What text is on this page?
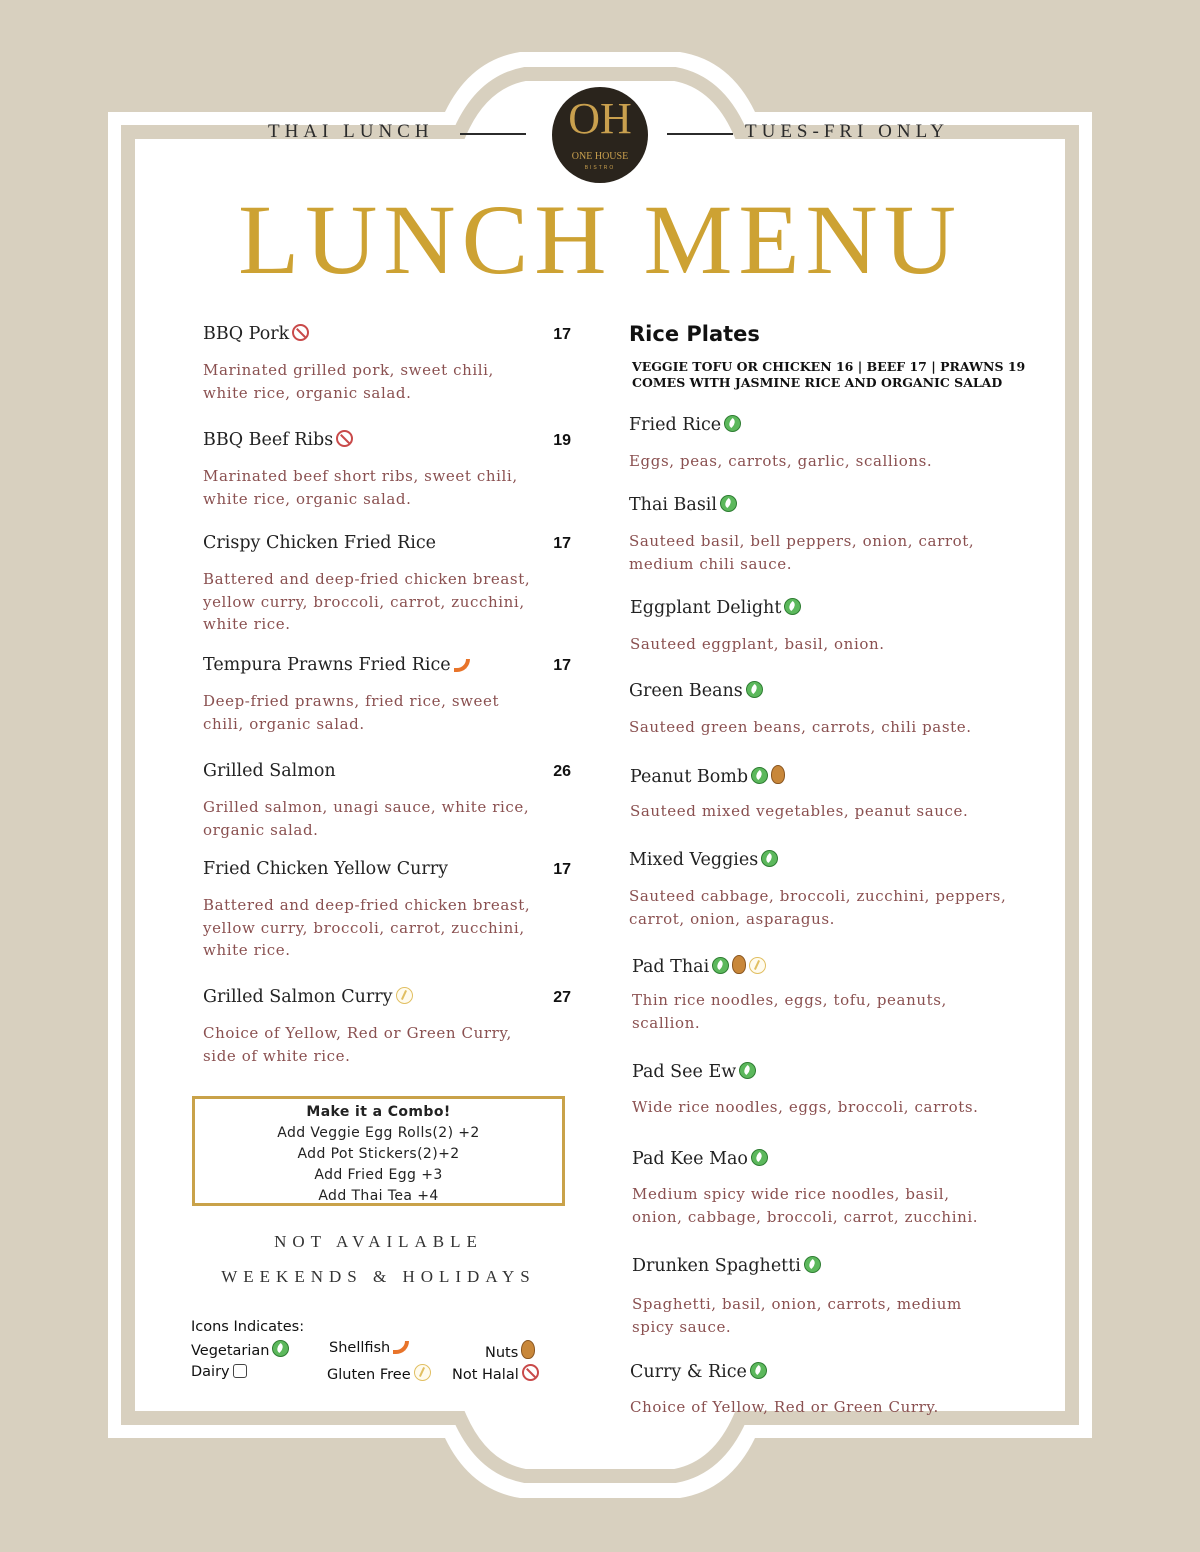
THAI LUNCH	OH
ONE HOUSE
BISTRO
TUES-FRI ONLY
LUNCH MENU
BBQ Pork	17
Marinated grilled pork, sweet chili,
white rice, organic salad.
BBQ Beef Ribs	19
Marinated beef short ribs, sweet chili,
white rice, organic salad.
Crispy Chicken Fried Rice	17
Battered and deep-fried chicken breast,
yellow curry, broccoli, carrot, zucchini,
white rice.
Tempura Prawns Fried Rice	17
Deep-fried prawns, fried rice, sweet
chili, organic salad.
Grilled Salmon	26
Grilled salmon, unagi sauce, white rice,
organic salad.
Fried Chicken Yellow Curry	17
Battered and deep-fried chicken breast,
yellow curry, broccoli, carrot, zucchini,
white rice.
Grilled Salmon Curry	27
Choice of Yellow, Red or Green Curry,
side of white rice.
Make it a Combo!
Add Veggie Egg Rolls(2) +2
Add Pot Stickers(2)+2
Add Fried Egg +3
Add Thai Tea +4
NOT AVAILABLE
WEEKENDS & HOLIDAYS
Icons Indicates:
Vegetarian	Shellfish	Nuts
Dairy	Gluten Free	Not Halal
Rice Plates
VEGGIE TOFU OR CHICKEN 16 | BEEF 17 | PRAWNS 19
COMES WITH JASMINE RICE AND ORGANIC SALAD
Fried Rice
Eggs, peas, carrots, garlic, scallions.
Thai Basil
Sauteed basil, bell peppers, onion, carrot,
medium chili sauce.
Eggplant Delight
Sauteed eggplant, basil, onion.
Green Beans
Sauteed green beans, carrots, chili paste.
Peanut Bomb
Sauteed mixed vegetables, peanut sauce.
Mixed Veggies
Sauteed cabbage, broccoli, zucchini, peppers,
carrot, onion, asparagus.
Pad Thai
Thin rice noodles, eggs, tofu, peanuts,
scallion.
Pad See Ew
Wide rice noodles, eggs, broccoli, carrots.
Pad Kee Mao
Medium spicy wide rice noodles, basil,
onion, cabbage, broccoli, carrot, zucchini.
Drunken Spaghetti
Spaghetti, basil, onion, carrots, medium
spicy sauce.
Curry & Rice
Choice of Yellow, Red or Green Curry.
